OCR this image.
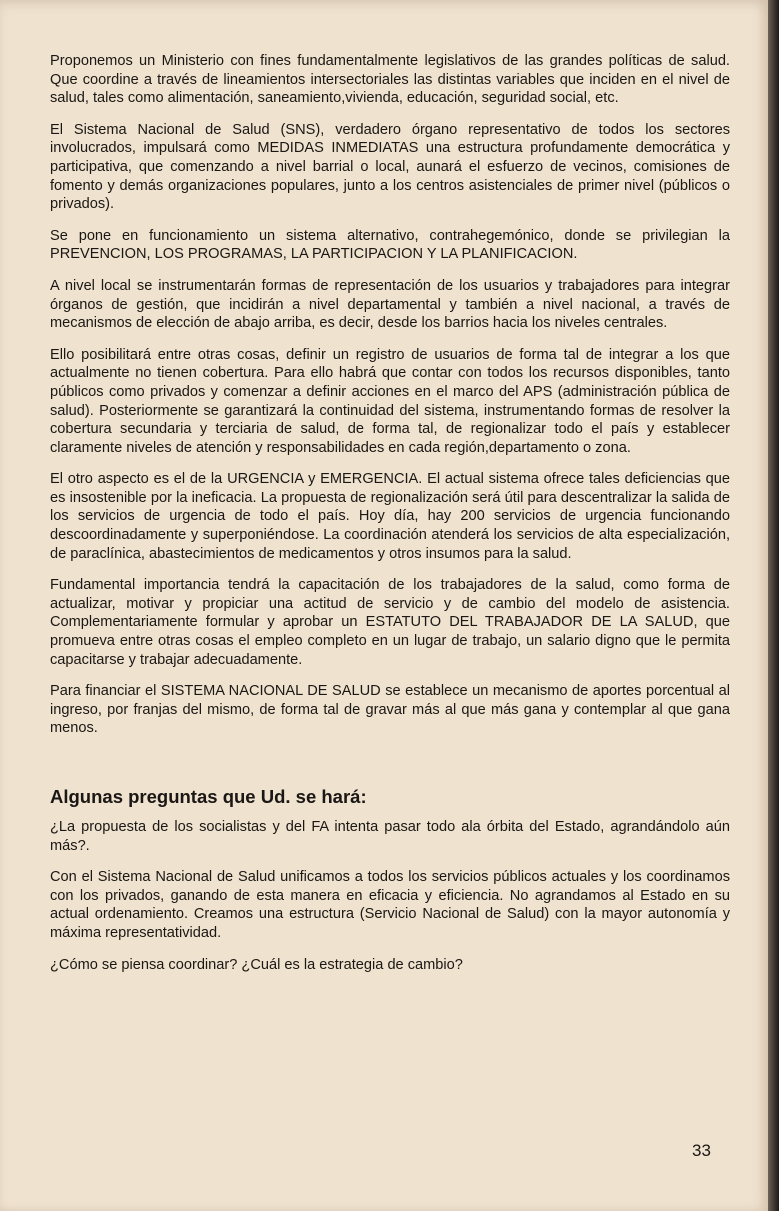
Proponemos un Ministerio con fines fundamentalmente legislativos de las grandes políticas de salud. Que coordine a través de lineamientos intersectoriales las distintas variables que inciden en el nivel de salud, tales como alimentación, saneamiento,vivienda, educación, seguridad social, etc.

El Sistema Nacional de Salud (SNS), verdadero órgano representativo de todos los sectores involucrados, impulsará como MEDIDAS INMEDIATAS una estructura profundamente democrática y participativa, que comenzando a nivel barrial o local, aunará el esfuerzo de vecinos, comisiones de fomento y demás organizaciones populares, junto a los centros asistenciales de primer nivel (públicos o privados).

Se pone en funcionamiento un sistema alternativo, contrahegemónico, donde se privilegian la PREVENCION, LOS PROGRAMAS, LA PARTICIPACION Y LA PLANIFICACION.

A nivel local se instrumentarán formas de representación de los usuarios y trabajadores para integrar órganos de gestión, que incidirán a nivel departamental y también a nivel nacional, a través de mecanismos de elección de abajo arriba, es decir, desde los barrios hacia los niveles centrales.

Ello posibilitará entre otras cosas, definir un registro de usuarios de forma tal de integrar a los que actualmente no tienen cobertura. Para ello habrá que contar con todos los recursos disponibles, tanto públicos como privados y comenzar a definir acciones en el marco del APS (administración pública de salud). Posteriormente se garantizará la continuidad del sistema, instrumentando formas de resolver la cobertura secundaria y terciaria de salud, de forma tal, de regionalizar todo el país y establecer claramente niveles de atención y responsabilidades en cada región,departamento o zona.

El otro aspecto es el de la URGENCIA y EMERGENCIA. El actual sistema ofrece tales deficiencias que es insostenible por la ineficacia. La propuesta de regionalización será útil para descentralizar la salida de los servicios de urgencia de todo el país. Hoy día, hay 200 servicios de urgencia funcionando descoordinadamente y superponiéndose. La coordinación atenderá los servicios de alta especialización, de paraclínica, abastecimientos de medicamentos y otros insumos para la salud.

Fundamental importancia tendrá la capacitación de los trabajadores de la salud, como forma de actualizar, motivar y propiciar una actitud de servicio y de cambio del modelo de asistencia. Complementariamente formular y aprobar un ESTATUTO DEL TRABAJADOR DE LA SALUD, que promueva entre otras cosas el empleo completo en un lugar de trabajo, un salario digno que le permita capacitarse y trabajar adecuadamente.

Para financiar el SISTEMA NACIONAL DE SALUD se establece un mecanismo de aportes porcentual al ingreso, por franjas del mismo, de forma tal de gravar más al que más gana y contemplar al que gana menos.

Algunas preguntas que Ud. se hará:

¿La propuesta de los socialistas y del FA intenta pasar todo ala órbita del Estado, agrandándolo aún más?.

Con el Sistema Nacional de Salud unificamos a todos los servicios públicos actuales y los coordinamos con los privados, ganando de esta manera en eficacia y eficiencia. No agrandamos al Estado en su actual ordenamiento. Creamos una estructura (Servicio Nacional de Salud) con la mayor autonomía y máxima representatividad.

¿Cómo se piensa coordinar? ¿Cuál es la estrategia de cambio?

33
